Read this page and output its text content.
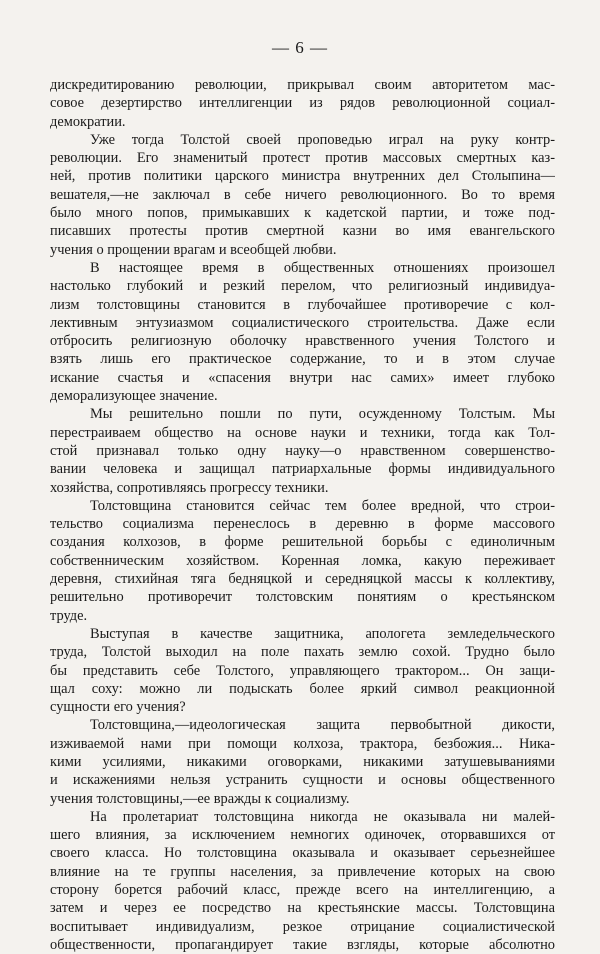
— 6 —
дискредитированию революции, прикрывал своим авторитетом мас-
совое дезертирство интеллигенции из рядов революционной социал-
демократии.
Уже тогда Толстой своей проповедью играл на руку контр-
революции. Его знаменитый протест против массовых смертных каз-
ней, против политики царского министра внутренних дел Столыпина—
вешателя,—не заключал в себе ничего революционного. Во то время
было много попов, примыкавших к кадетской партии, и тоже под-
писавших протесты против смертной казни во имя евангельского
учения о прощении врагам и всеобщей любви.
В настоящее время в общественных отношениях произошел
настолько глубокий и резкий перелом, что религиозный индивидуа-
лизм толстовщины становится в глубочайшее противоречие с кол-
лективным энтузиазмом социалистического строительства. Даже если
отбросить религиозную оболочку нравственного учения Толстого и
взять лишь его практическое содержание, то и в этом случае
искание счастья и «спасения внутри нас самих» имеет глубоко
деморализующее значение.
Мы решительно пошли по пути, осужденному Толстым. Мы
перестраиваем общество на основе науки и техники, тогда как Тол-
стой признавал только одну науку—о нравственном совершенство-
вании человека и защищал патриархальные формы индивидуального
хозяйства, сопротивляясь прогрессу техники.
Толстовщина становится сейчас тем более вредной, что строи-
тельство социализма перенеслось в деревню в форме массового
создания колхозов, в форме решительной борьбы с единоличным
собственническим хозяйством. Коренная ломка, какую переживает
деревня, стихийная тяга бедняцкой и середняцкой массы к коллективу,
решительно противоречит толстовским понятиям о крестьянском
труде.
Выступая в качестве защитника, апологета земледельческого
труда, Толстой выходил на поле пахать землю сохой. Трудно было
бы представить себе Толстого, управляющего трактором... Он защи-
щал соху: можно ли подыскать более яркий символ реакционной
сущности его учения?
Толстовщина,—идеологическая защита первобытной дикости,
изживаемой нами при помощи колхоза, трактора, безбожия... Ника-
кими усилиями, никакими оговорками, никакими затушевываниями
и искажениями нельзя устранить сущности и основы общественного
учения толстовщины,—ее вражды к социализму.
На пролетариат толстовщина никогда не оказывала ни малей-
шего влияния, за исключением немногих одиночек, оторвавшихся от
своего класса. Но толстовщина оказывала и оказывает серьезнейшее
влияние на те группы населения, за привлечение которых на свою
сторону борется рабочий класс, прежде всего на интеллигенцию, а
затем и через ее посредство на крестьянские массы. Толстовщина
воспитывает индивидуализм, резкое отрицание социалистической
общественности, пропагандирует такие взгляды, которые абсолютно
